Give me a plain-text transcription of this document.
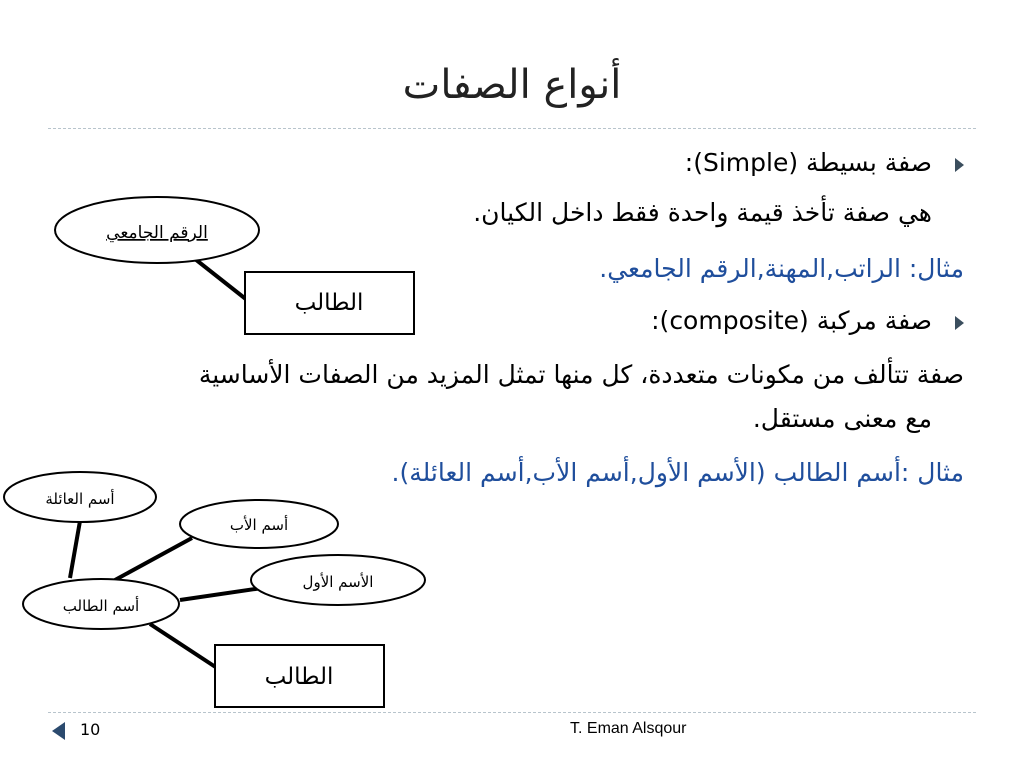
أنواع الصفات
صفة بسيطة (Simple):
هي صفة تأخذ قيمة واحدة فقط داخل الكيان.
مثال: الراتب,المهنة,الرقم الجامعي.
صفة مركبة (composite):
صفة تتألف من مكونات متعددة، كل منها تمثل المزيد من الصفات الأساسية
مع معنى مستقل.
مثال :أسم الطالب (الأسم الأول,أسم الأب,أسم العائلة).
الرقم الجامعي
الطالب
أسم العائلة
أسم الأب
الأسم الأول
أسم الطالب
الطالب
10	T. Eman Alsqour
